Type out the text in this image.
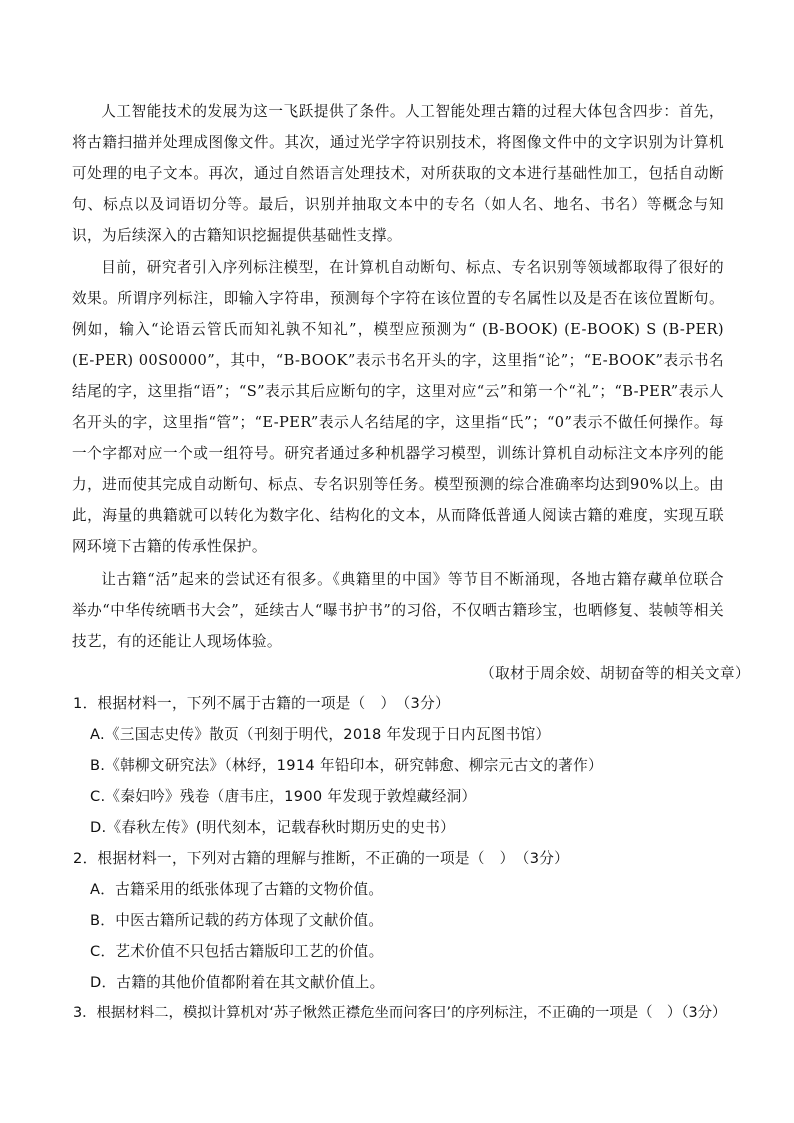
人工智能技术的发展为这一飞跃提供了条件。人工智能处理古籍的过程大体包含四步：首先，将古籍扫描并处理成图像文件。其次，通过光学字符识别技术，将图像文件中的文字识别为计算机可处理的电子文本。再次，通过自然语言处理技术，对所获取的文本进行基础性加工，包括自动断句、标点以及词语切分等。最后，识别并抽取文本中的专名（如人名、地名、书名）等概念与知识，为后续深入的古籍知识挖掘提供基础性支撑。

目前，研究者引入序列标注模型，在计算机自动断句、标点、专名识别等领域都取得了很好的效果。所谓序列标注，即输入字符串，预测每个字符在该位置的专名属性以及是否在该位置断句。例如，输入“论语云管氏而知礼孰不知礼”，模型应预测为“ (B-BOOK) (E-BOOK) S (B-PER) (E-PER) 00S0000”，其中，“B-BOOK”表示书名开头的字，这里指“论”；“E-BOOK”表示书名结尾的字，这里指“语”；“S”表示其后应断句的字，这里对应“云”和第一个“礼”；“B-PER”表示人名开头的字，这里指“管”；“E-PER”表示人名结尾的字，这里指“氏”；“0”表示不做任何操作。每一个字都对应一个或一组符号。研究者通过多种机器学习模型，训练计算机自动标注文本序列的能力，进而使其完成自动断句、标点、专名识别等任务。模型预测的综合准确率均达到90%以上。由此，海量的典籍就可以转化为数字化、结构化的文本，从而降低普通人阅读古籍的难度，实现互联网环境下古籍的传承性保护。

让古籍“活”起来的尝试还有很多。《典籍里的中国》等节目不断涌现，各地古籍存藏单位联合举办“中华传统晒书大会”，延续古人“曝书护书”的习俗，不仅晒古籍珍宝，也晒修复、装帧等相关技艺，有的还能让人现场体验。

（取材于周余姣、胡韧奋等的相关文章）
1．根据材料一，下列不属于古籍的一项是（　）　（3分）
A.《三国志史传》散页（刊刻于明代，2018 年发现于日内瓦图书馆）
B.《韩柳文研究法》（林纾，1914 年铅印本，研究韩愈、柳宗元古文的著作）
C.《秦妇吟》残卷（唐韦庄，1900 年发现于敦煌藏经洞）
D.《春秋左传》(明代刻本，记载春秋时期历史的史书）
2．根据材料一，下列对古籍的理解与推断，不正确的一项是（　）　（3分）
A．古籍采用的纸张体现了古籍的文物价值。
B．中医古籍所记载的药方体现了文献价值。
C．艺术价值不只包括古籍版印工艺的价值。
D．古籍的其他价值都附着在其文献价值上。
3．根据材料二，模拟计算机对‘苏子愀然正襟危坐而问客曰’的序列标注，不正确的一项是（　）（3分）
